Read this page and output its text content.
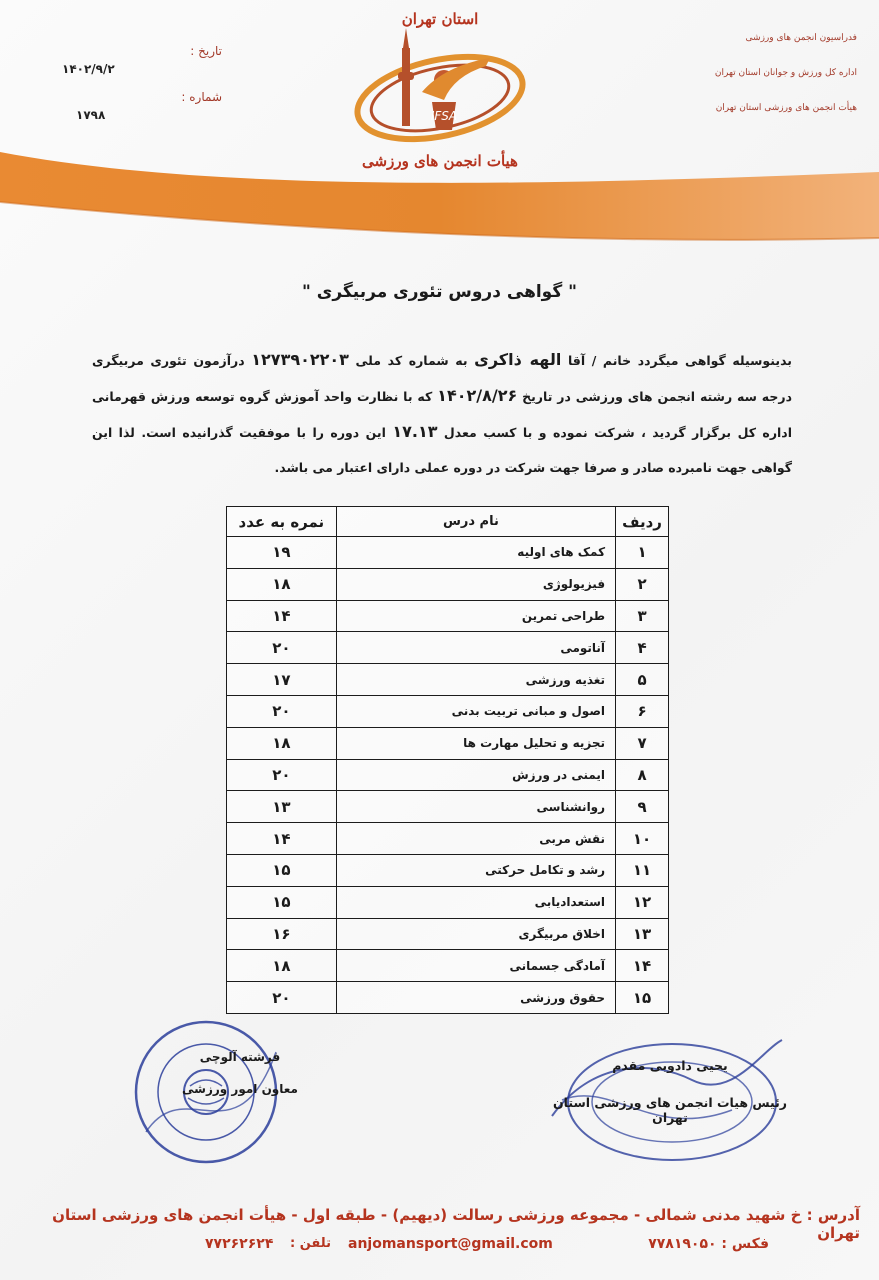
فدراسیون انجمن های ورزشی
اداره کل ورزش و جوانان استان تهران
هیأت انجمن های ورزشی استان تهران
تاریخ :
۱۴۰۲/۹/۲
شماره :
۱۷۹۸	IFSA
استان تهران
هیأت انجمن های ورزشی
" گواهی دروس تئوری مربیگری "
بدینوسیله گواهی میگردد خانم / آقا الهه ذاکری به شماره کد ملی ۱۲۷۳۹۰۲۲۰۳ درآزمون تئوری مربیگری درجه سه رشته انجمن های ورزشی در تاریخ ۱۴۰۲/۸/۲۶ که با نظارت واحد آموزش گروه توسعه ورزش قهرمانی اداره کل برگزار گردید ، شرکت نموده و با کسب معدل ۱۷.۱۳ این دوره را با موفقیت گذرانیده است. لذا این گواهی جهت نامبرده صادر و صرفا جهت شرکت در دوره عملی دارای اعتبار می باشد.
ردیف	نام درس	نمره به عدد
۱	کمک های اولیه	۱۹
۲	فیزیولوژی	۱۸
۳	طراحی تمرین	۱۴
۴	آناتومی	۲۰
۵	تغذیه ورزشی	۱۷
۶	اصول و مبانی تربیت بدنی	۲۰
۷	تجزیه و تحلیل مهارت ها	۱۸
۸	ایمنی در ورزش	۲۰
۹	روانشناسی	۱۳
۱۰	نقش مربی	۱۴
۱۱	رشد و تکامل حرکتی	۱۵
۱۲	استعدادیابی	۱۵
۱۳	اخلاق مربیگری	۱۶
۱۴	آمادگی جسمانی	۱۸
۱۵	حقوق ورزشی	۲۰
فرشته آلوچی
معاون امور ورزشی
یحیی دادوبی مقدم
رئیس هیات انجمن های ورزشی استان تهران
آدرس : خ شهید مدنی شمالی - مجموعه ورزشی رسالت (دیهیم) - طبقه اول - هیأت انجمن های ورزشی استان تهران
فکس : ۷۷۸۱۹۰۵۰
anjomansport@gmail.com
تلفن :
۷۷۲۶۲۶۲۴
